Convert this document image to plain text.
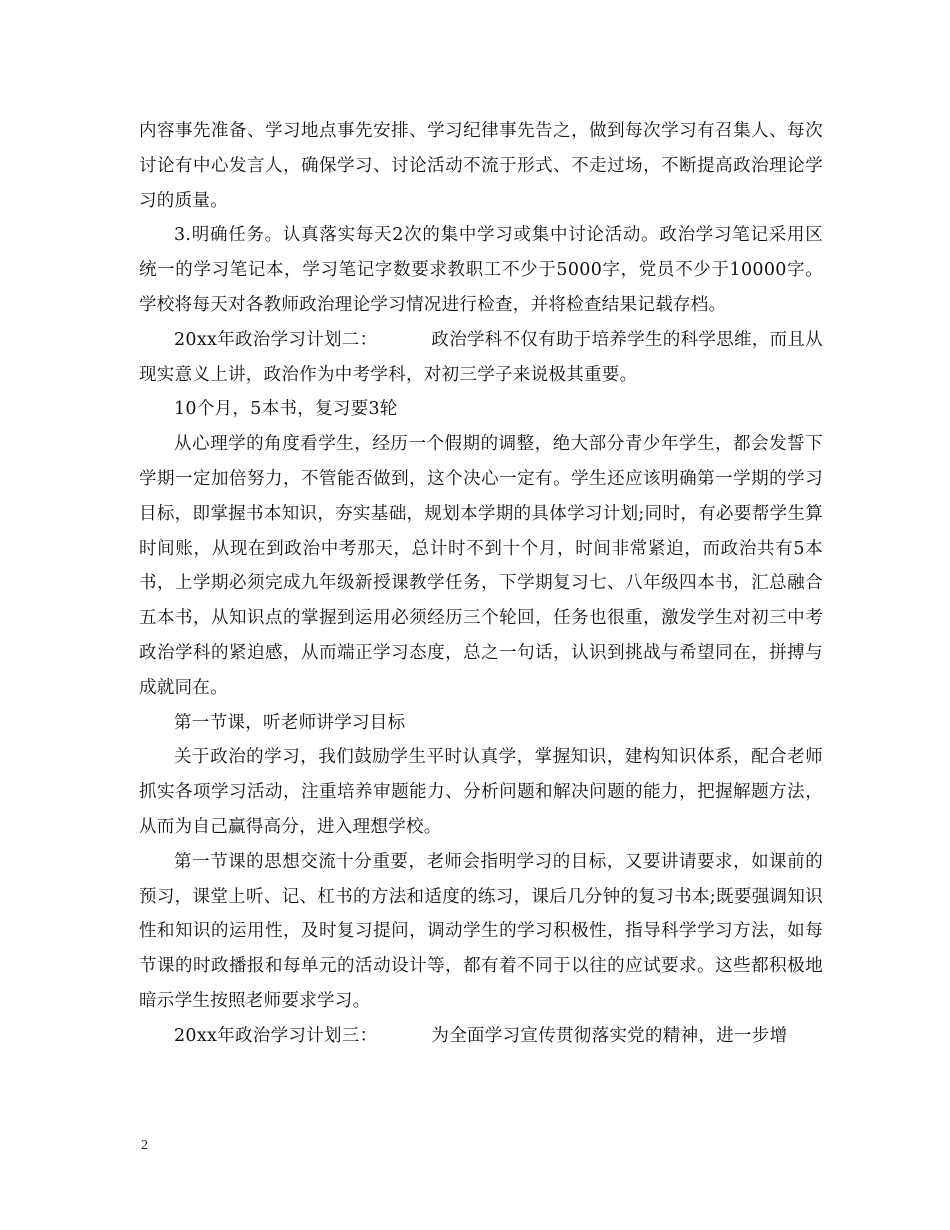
内容事先准备、学习地点事先安排、学习纪律事先告之，做到每次学习有召集人、每次讨论有中心发言人，确保学习、讨论活动不流于形式、不走过场，不断提高政治理论学习的质量。

3.明确任务。认真落实每天2次的集中学习或集中讨论活动。政治学习笔记采用区统一的学习笔记本，学习笔记字数要求教职工不少于5000字，党员不少于10000字。学校将每天对各教师政治理论学习情况进行检查，并将检查结果记载存档。

20xx年政治学习计划二：	政治学科不仅有助于培养学生的科学思维，而且从现实意义上讲，政治作为中考学科，对初三学子来说极其重要。

10个月，5本书，复习要3轮

从心理学的角度看学生，经历一个假期的调整，绝大部分青少年学生，都会发誓下学期一定加倍努力，不管能否做到，这个决心一定有。学生还应该明确第一学期的学习目标，即掌握书本知识，夯实基础，规划本学期的具体学习计划;同时，有必要帮学生算时间账，从现在到政治中考那天，总计时不到十个月，时间非常紧迫，而政治共有5本书，上学期必须完成九年级新授课教学任务，下学期复习七、八年级四本书，汇总融合五本书，从知识点的掌握到运用必须经历三个轮回，任务也很重，激发学生对初三中考政治学科的紧迫感，从而端正学习态度，总之一句话，认识到挑战与希望同在，拼搏与成就同在。

第一节课，听老师讲学习目标

关于政治的学习，我们鼓励学生平时认真学，掌握知识，建构知识体系，配合老师抓实各项学习活动，注重培养审题能力、分析问题和解决问题的能力，把握解题方法，从而为自己赢得高分，进入理想学校。

第一节课的思想交流十分重要，老师会指明学习的目标，又要讲请要求，如课前的预习，课堂上听、记、杠书的方法和适度的练习，课后几分钟的复习书本;既要强调知识性和知识的运用性，及时复习提问，调动学生的学习积极性，指导科学学习方法，如每节课的时政播报和每单元的活动设计等，都有着不同于以往的应试要求。这些都积极地暗示学生按照老师要求学习。

20xx年政治学习计划三：	为全面学习宣传贯彻落实党的精神，进一步增

2
